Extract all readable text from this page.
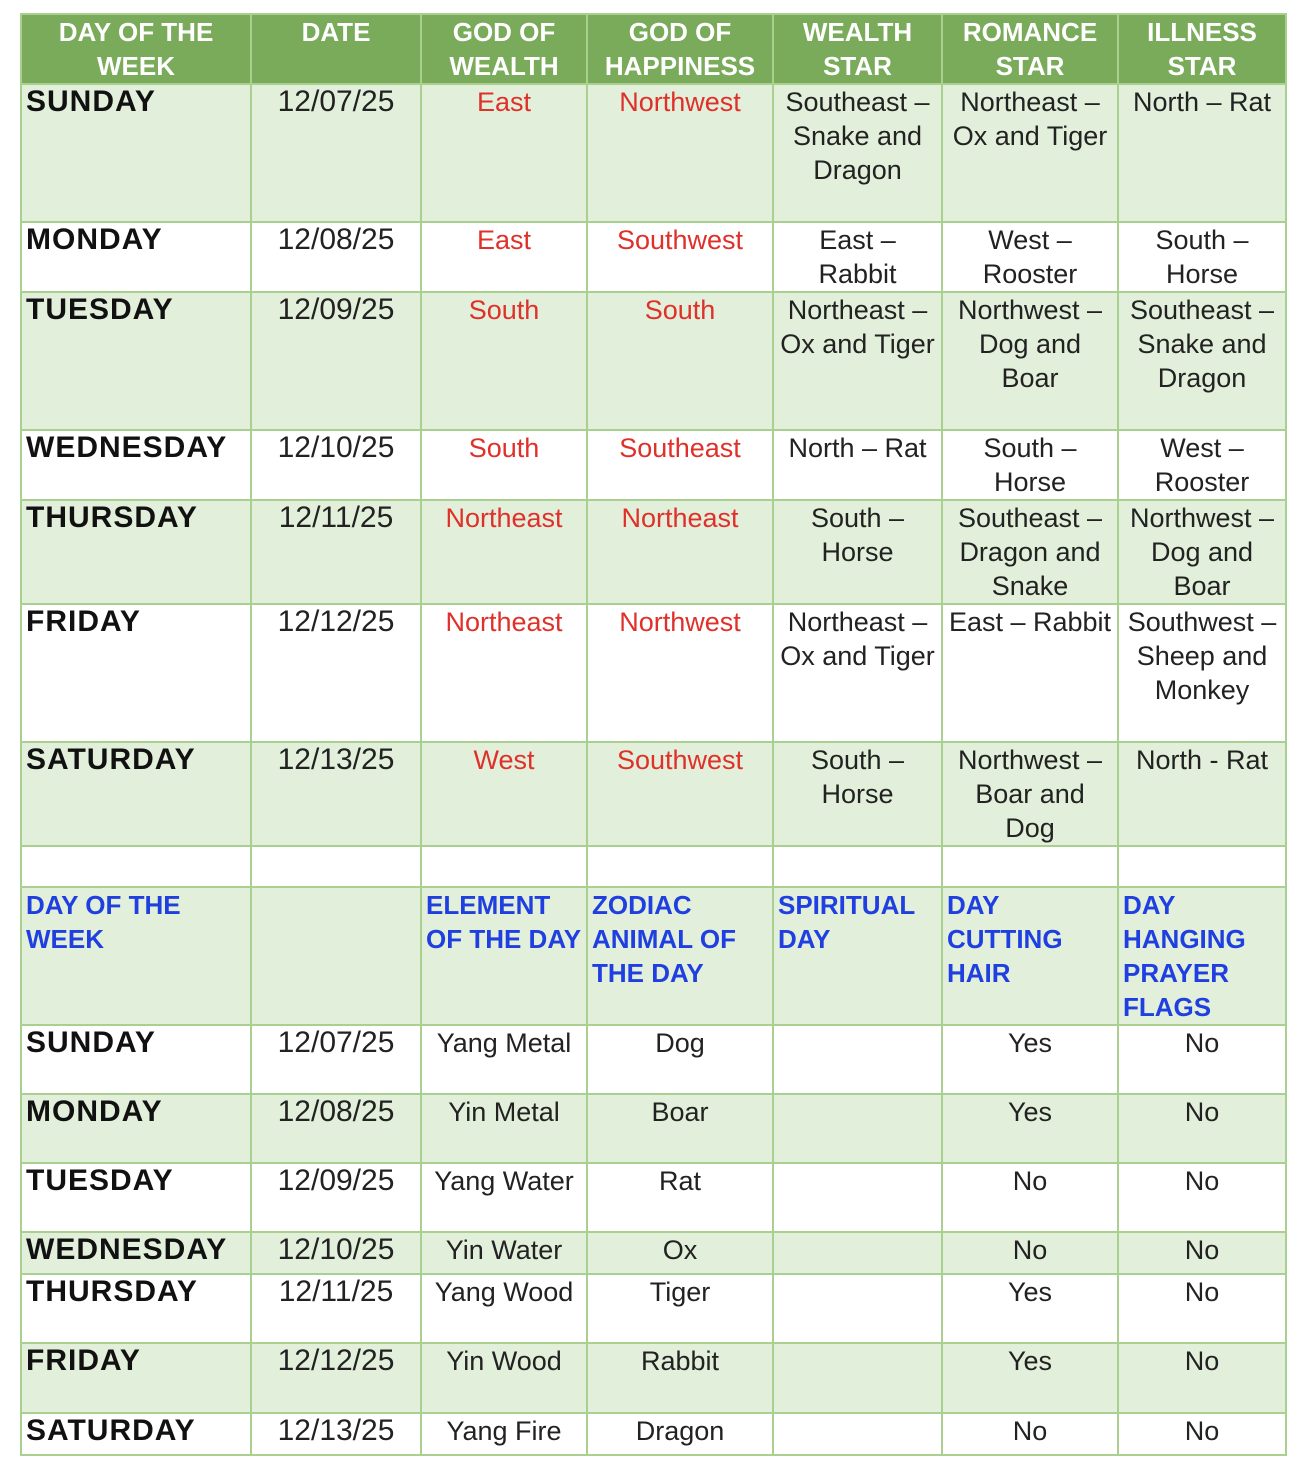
DAY OF THE WEEK	DATE	GOD OF WEALTH	GOD OF HAPPINESS	WEALTH STAR	ROMANCE STAR	ILLNESS STAR
SUNDAY	12/07/25	East	Northwest	Southeast – Snake and Dragon	Northeast – Ox and Tiger	North – Rat
MONDAY	12/08/25	East	Southwest	East – Rabbit	West – Rooster	South – Horse
TUESDAY	12/09/25	South	South	Northeast – Ox and Tiger	Northwest – Dog and Boar	Southeast – Snake and Dragon
WEDNESDAY	12/10/25	South	Southeast	North – Rat	South – Horse	West – Rooster
THURSDAY	12/11/25	Northeast	Northeast	South – Horse	Southeast – Dragon and Snake	Northwest – Dog and Boar
FRIDAY	12/12/25	Northeast	Northwest	Northeast – Ox and Tiger	East – Rabbit	Southwest – Sheep and Monkey
SATURDAY	12/13/25	West	Southwest	South – Horse	Northwest – Boar and Dog	North - Rat

DAY OF THE WEEK		ELEMENT OF THE DAY	ZODIAC ANIMAL OF THE DAY	SPIRITUAL DAY	DAY CUTTING HAIR	DAY HANGING PRAYER FLAGS
SUNDAY	12/07/25	Yang Metal	Dog		Yes	No
MONDAY	12/08/25	Yin Metal	Boar		Yes	No
TUESDAY	12/09/25	Yang Water	Rat		No	No
WEDNESDAY	12/10/25	Yin Water	Ox		No	No
THURSDAY	12/11/25	Yang Wood	Tiger		Yes	No
FRIDAY	12/12/25	Yin Wood	Rabbit		Yes	No
SATURDAY	12/13/25	Yang Fire	Dragon		No	No
